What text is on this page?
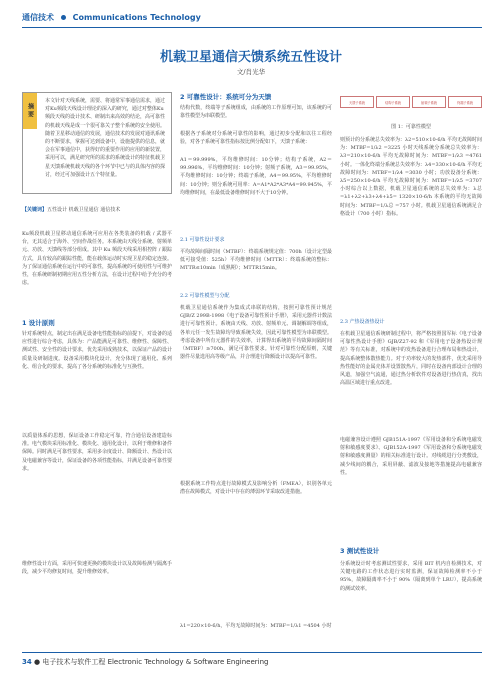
通信技术 Communications Technology
机载卫星通信天馈系统五性设计
文/肖光华
摘要
本文针对天线系统，需要、将通常军事通信需求，通过对Ku频段天线设计理论的深入的研究，通过对整体Ku频段天线的设计技术、研制出来高效的结论，高可靠性的机载天线是成一个很可靠关子整个系统的安全使用。随着卫星移动通信的发展，通信技术的发展对通讯系统的不断要求，掌握可达到设备中，设施提供的信息，就会在军事通信中，获得好的重要作用的应用的新装置，采用可以，满足研究所的需求的系统设计的特征机载卫星天馈系统机载天线的各个环节中已与的具体内容的探讨，经过可加强设计五个特征量。
【关键词】五性设计 机载卫星通信 通信技术
Ku频段机载卫星移动通信系统可应用在各类装备的机载 / 武器平台，无其适合于海外、空间作战任务。本系统由天线分系统、射频单元、功放、天馈线等部分组成。其中 Ku 频段天线采用相控阵 / 跟踪方式，具有较高的跟踪性能，能在载体运动时实现卫星的稳定连接。为了保证通信系统在运行中的可靠性，提高系统的可使用性与可维护性，在系统研制初期应用五性分析方法，在设计过程中给予充分的考虑。
1 设计原则
针对系统特点，制定出在满足设备电性能指标的前提下，对设备的适应性进行综合考虑，具体为：产品能满足可靠性、维修性、保障性、测试性、安全性的设计要求，优先采用成熟技术，以保证产品的设计质量及研制进度。设备采用模块化设计，充分体现了通用化、系列化、组合化的要求，提高了各分系统的标准化与互换性。
以质量体系的思想，保证设备工作稳定可靠，符合通信设备建造标准。电气模块采用标准化、模块化、通用化设计，以利于维修和备件保障。同时满足可靠性要求，采用多余度设计、降额设计、热设计以及电磁兼容等设计，保证设备的各项性能指标，并满足设备可靠性要求。
维修性设计方面，采用可快速更换的模块设计以及故障检测与隔离手段，减少平均修复时间，提升维修效率。
2 可靠性设计：系统可分为天馈
结构代数，终端等子系统组成，由系统的工作原理可知，该系统的可靠性模型为串联模型。
根据各子系统对分系统可靠性的影响，通过初步分配和以往工程经验，对各子系统可靠性指标按比例分配如下，天馈子系统：
A1＝99.999%，平均维修时间：10分钟；结构子系统，A2＝99.996%，平均维修时间：10分钟；射频子系统，A3＝99.95%，平均维修时间：10分钟；终端子系统，A4＝99.95%，平均维修时间：10分钟；则分系统可用率：A=A1*A2*A3*A4=99.945%，平均维修时间，在最低设备维修时间不大于10分钟。
2.1 可靠性设计要求
平均故障间隔时间（MTBF）：终端系统规定值：700h（设计定型最低可接受值：525h）平均维修时间（MTTR）：终端系统的整标：MTTR≤10min（成熟期）；MTTR15min。
2.2 可靠性模型与分配
机载卫星通信系统作为集成式串联的结构，按照可靠性预计规范 GJB/Z 299B-1998《电子设备可靠性预计手册》，采用元器件计数法进行可靠性预计。系统由天线、功放、射频单元、调制解调等组成，各单元任一发生故障均导致系统失效，因此可靠性模型为串联模型。考虑设备中所有元器件的失效率，计算得出系统的平均故障间隔时间（MTBF）≥700h，满足可靠性要求。针对可靠性分配原则，关键器件尽量选用高等级产品，并合理进行降额设计以提高可靠性。
根据系统工作特点进行故障模式及影响分析（FMEA），识别各单元潜在故障模式，对设计中存在的薄弱环节采取改进措施。
λ1=220×10-6/h，平均无故障时间为：MTBF=1/λ1 =4504 小时
天馈子系统	结构子系统	射频子系统	终端子系统
图 1：可靠性模型
则预计的分系统总失效率为：λ2=510×10-6/h 平均无故障时间为：MTBF=1/λ2 =3225 小时天线系统分系统总失效率为：λ3=210×10-6/h 平均无故障时间为：MTBF=1/λ3 =4761 小时。一体化终端分系统总失效率为：λ4=330×10-6/h 平均无故障时间为：MTBF=1/λ4 =3030 小时；功放设备分系统：λ5=250×10-6/h 平均无故障时间为：MTBF=1/λ5 =3707 小时综合以上数据，机载卫星通信系统的总失效率为：λ总=λ1+λ2+λ3+λ4+λ5= 1320×10-6/h 本系统的平均无故障时间为：MTBF=1/λ总 =757 小时。机载卫星通信系统满足合格设计（700 小时）指标。
2.3 产热设备热设计
在机载卫星通信系统研制过程中，将严格按照国军标《电子设备可靠性热设计手册》GJB/Z27-92 和《军用电子设备热设计规范》等有关标准，对系统中的发热设备进行合理布局和热设计，提高系统整体散热能力。对于功率较大的发热部件，优先采用导热性能好的金属壳体并设置散热片，同时在设备内部设计合理的风道，加强空气流通，通过热分析软件对设备进行热仿真，找出高温区域进行重点改进。
电磁兼容设计遵照 GJB151A-1997《军用设备和分系统电磁发射和敏感度要求》、GJB152A-1997《军用设备和分系统电磁发射和敏感度测量》的相关标准进行设计。对线缆进行分类敷设，减少线间的耦合，采用屏蔽、滤波及接地等措施提高电磁兼容性。
3 测试性设计
分系统设计时考虑测试性要求，采用 BIT 机内自检测技术，对关键电路的工作状态进行实时监测，保证故障检测率不小于 95%，故障隔离率不小于 90%（隔离到单个 LRU），提高系统的测试效率。
34 ● 电子技术与软件工程 Electronic Technology & Software Engineering
